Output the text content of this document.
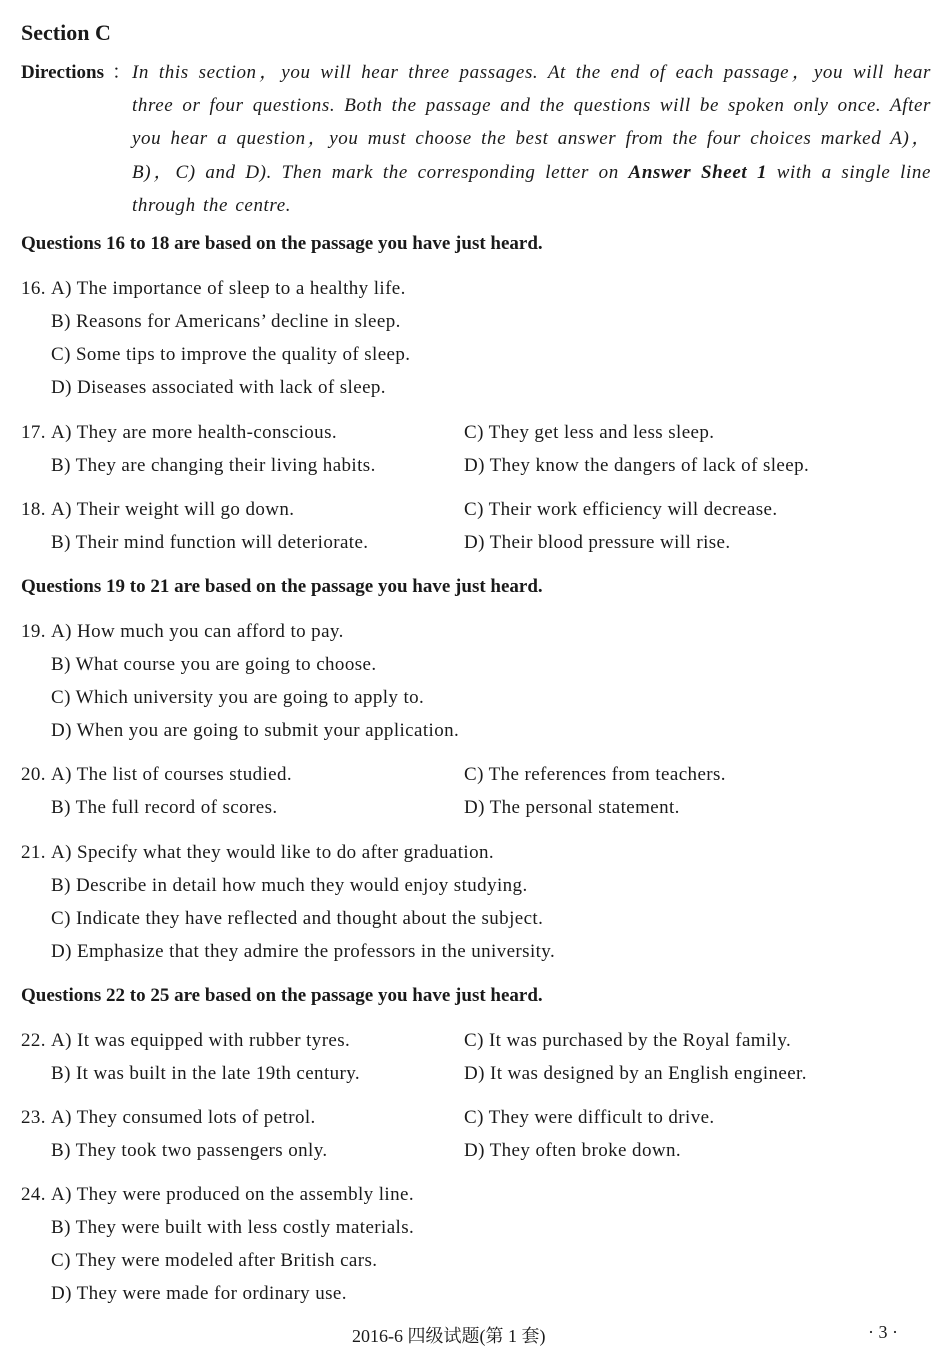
Section C
Directions ： In this section，you will hear three passages. At the end of each passage，you will hear three or four questions. Both the passage and the questions will be spoken only once. After you hear a question，you must choose the best answer from the four choices marked A)，B)，C) and D). Then mark the corresponding letter on Answer Sheet 1 with a single line through the centre.
Questions 16 to 18 are based on the passage you have just heard.
16. A) The importance of sleep to a healthy life.
B) Reasons for Americans’ decline in sleep.
C) Some tips to improve the quality of sleep.
D) Diseases associated with lack of sleep.
17. A) They are more health-conscious.
B) They are changing their living habits.
C) They get less and less sleep.
D) They know the dangers of lack of sleep.
18. A) Their weight will go down.
B) Their mind function will deteriorate.
C) Their work efficiency will decrease.
D) Their blood pressure will rise.
Questions 19 to 21 are based on the passage you have just heard.
19. A) How much you can afford to pay.
B) What course you are going to choose.
C) Which university you are going to apply to.
D) When you are going to submit your application.
20. A) The list of courses studied.
B) The full record of scores.
C) The references from teachers.
D) The personal statement.
21. A) Specify what they would like to do after graduation.
B) Describe in detail how much they would enjoy studying.
C) Indicate they have reflected and thought about the subject.
D) Emphasize that they admire the professors in the university.
Questions 22 to 25 are based on the passage you have just heard.
22. A) It was equipped with rubber tyres.
B) It was built in the late 19th century.
C) It was purchased by the Royal family.
D) It was designed by an English engineer.
23. A) They consumed lots of petrol.
B) They took two passengers only.
C) They were difficult to drive.
D) They often broke down.
24. A) They were produced on the assembly line.
B) They were built with less costly materials.
C) They were modeled after British cars.
D) They were made for ordinary use.
2016-6 四级试题(第 1 套)	· 3 ·
